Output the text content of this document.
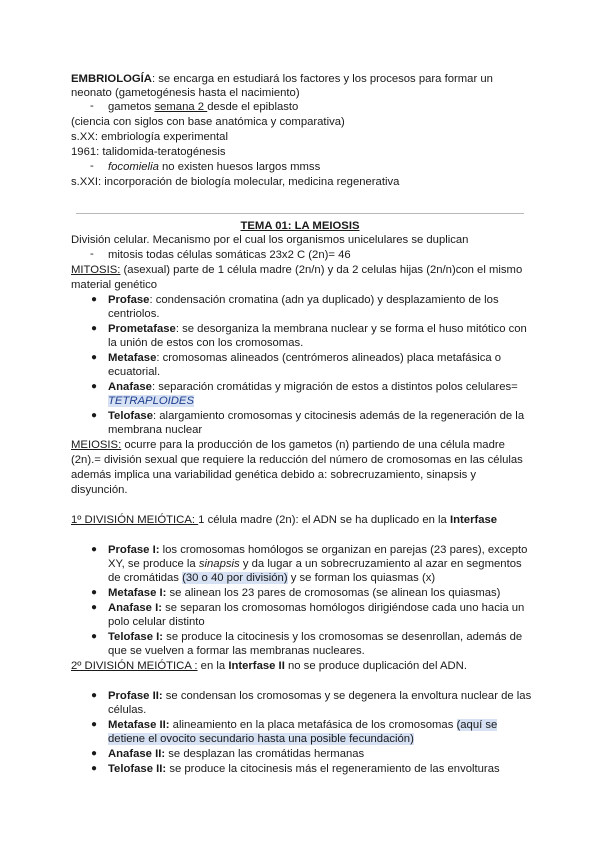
EMBRIOLOGÍA: se encarga en estudiará los factores y los procesos para formar un
neonato (gametogénesis hasta el nacimiento)
- gametos semana 2 desde el epiblasto
(ciencia con siglos con base anatómica y comparativa)
s.XX: embriología experimental
1961: talidomida-teratogénesis
- focomielia no existen huesos largos mmss
s.XXI: incorporación de biología molecular, medicina regenerativa
TEMA 01: LA MEIOSIS
División celular. Mecanismo por el cual los organismos unicelulares se duplican
- mitosis todas células somáticas 23x2 C (2n)= 46
MITOSIS: (asexual) parte de 1 célula madre (2n/n) y da 2 celulas hijas (2n/n)con el mismo
material genético
● Profase: condensación cromatina (adn ya duplicado) y desplazamiento de los
centriolos.
● Prometafase: se desorganiza la membrana nuclear y se forma el huso mitótico con
la unión de estos con los cromosomas.
● Metafase: cromosomas alineados (centrómeros alineados) placa metafásica o
ecuatorial.
● Anafase: separación cromátidas y migración de estos a distintos polos celulares=
TETRAPLOIDES
● Telofase: alargamiento cromosomas y citocinesis además de la regeneración de la
membrana nuclear
MEIOSIS: ocurre para la producción de los gametos (n) partiendo de una célula madre
(2n).= división sexual que requiere la reducción del número de cromosomas en las células
además implica una variabilidad genética debido a: sobrecruzamiento, sinapsis y
disyunción.
1º DIVISIÓN MEIÓTICA: 1 célula madre (2n): el ADN se ha duplicado en la Interfase
● Profase I: los cromosomas homólogos se organizan en parejas (23 pares), excepto
XY, se produce la sinapsis y da lugar a un sobrecruzamiento al azar en segmentos
de cromátidas (30 o 40 por división) y se forman los quiasmas (x)
● Metafase I: se alinean los 23 pares de cromosomas (se alinean los quiasmas)
● Anafase I: se separan los cromosomas homólogos dirigiéndose cada uno hacia un
polo celular distinto
● Telofase I: se produce la citocinesis y los cromosomas se desenrollan, además de
que se vuelven a formar las membranas nucleares.
2º DIVISIÓN MEIÓTICA : en la Interfase II no se produce duplicación del ADN.
● Profase II: se condensan los cromosomas y se degenera la envoltura nuclear de las
células.
● Metafase II: alineamiento en la placa metafásica de los cromosomas (aquí se
detiene el ovocito secundario hasta una posible fecundación)
● Anafase II: se desplazan las cromátidas hermanas
● Telofase II: se produce la citocinesis más el regeneramiento de las envolturas
